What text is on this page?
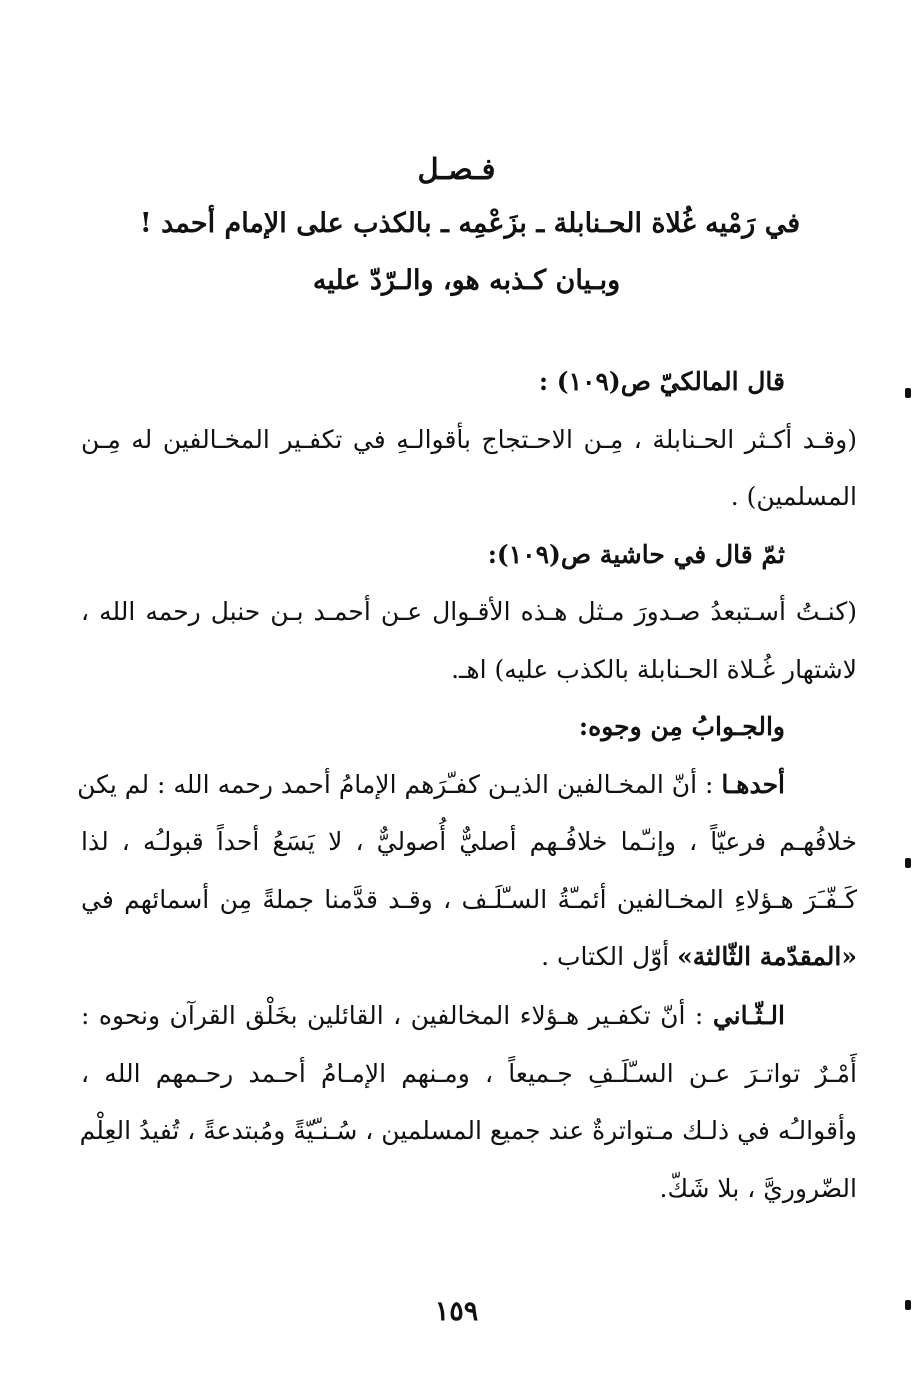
فـصـل
في رَمْيه غُلاة الحـنابلة ـ بزَعْمِه ـ بالكذب على الإمام أحمد !
وبـيان كـذبه هو، والـرّدّ عليه
قال المالكيّ ص(١٠٩) :
(وقـد أكـثر الحـنابلة ، مِـن الاحـتجاج بأقوالـهِ في تكفـير المخـالفين له مِـن
المسلمين) .
ثمّ قال في حاشية ص(١٠٩):
(كنـتُ أسـتبعدُ صـدورَ مـثل هـذه الأقـوال عـن أحمـد بـن حنبل رحمه الله ،
لاشتهار غُـلاة الحـنابلة بالكذب عليه) اهـ.
والجـوابُ مِن وجوه:
أحدهـا : أنّ المخـالفين الذيـن كفـّرَهم الإمامُ أحمد رحمه الله : لم يكن
خلافُهـم فرعيّاً ، وإنـّما خلافُـهم أصليٌّ أُصوليٌّ ، لا يَسَعُ أحداً قبولـُه ، لذا
كَـفّـَرَ هـؤلاءِ المخـالفين أئمـّةُ السـّلَـف ، وقـد قدَّمنا جملةً مِن أسمائهم في
«المقدّمة الثّالثة» أوّل الكتاب .
الـثّـاني : أنّ تكفـير هـؤلاء المخالفين ، القائلين بخَلْق القرآن ونحوه :
أَمْـرٌ تواتـرَ عـن السـّلَـفِ جـميعاً ، ومـنهم الإمـامُ أحـمد رحـمهم الله ،
وأقوالـُه في ذلـك مـتواترةٌ عند جميع المسلمين ، سُـنـّيّةً ومُبتدعةً ، تُفيدُ العِلْم
الضّروريَّ ، بلا شَكّ.
١٥٩
